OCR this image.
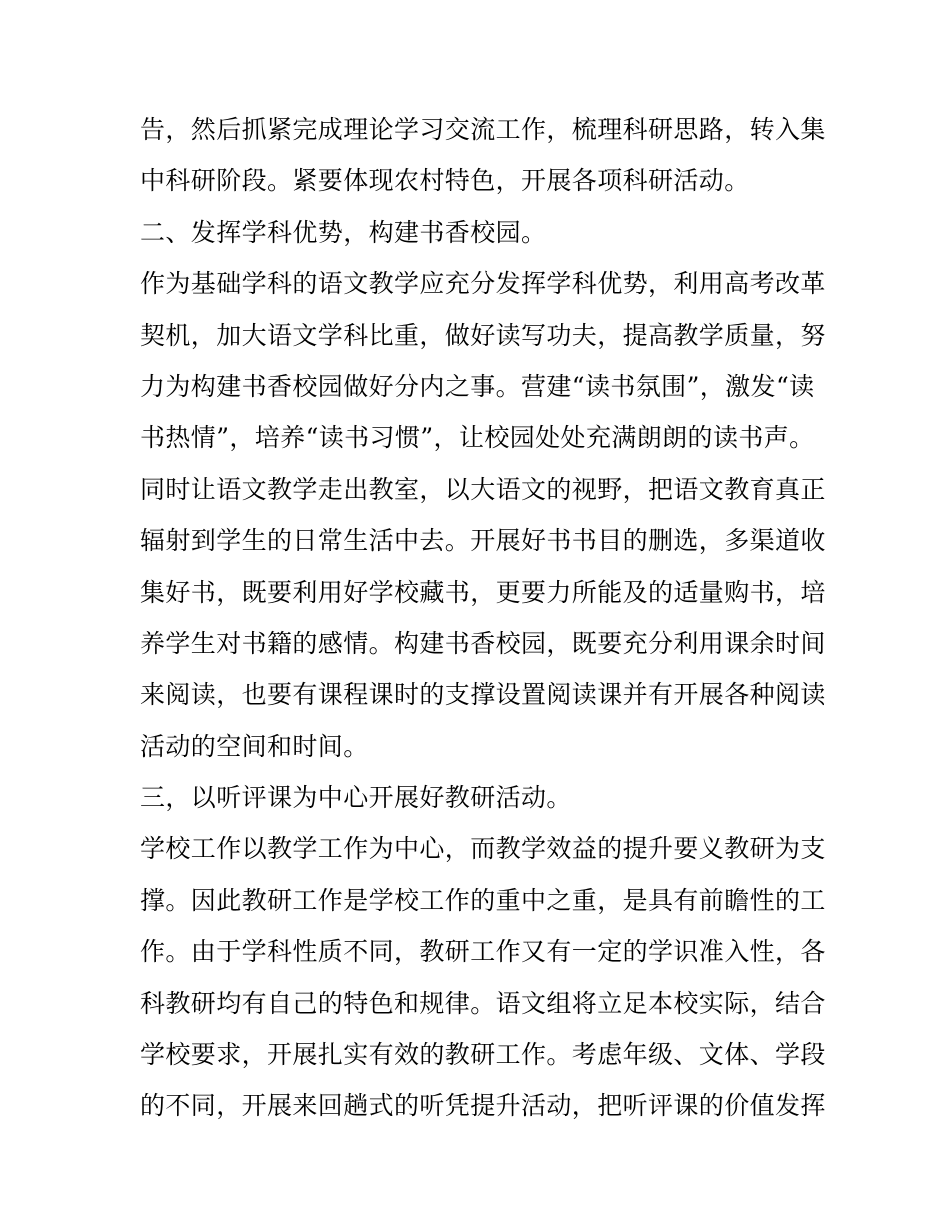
告，然后抓紧完成理论学习交流工作，梳理科研思路，转入集
中科研阶段。紧要体现农村特色，开展各项科研活动。
二、发挥学科优势，构建书香校园。
作为基础学科的语文教学应充分发挥学科优势，利用高考改革
契机，加大语文学科比重，做好读写功夫，提高教学质量，努
力为构建书香校园做好分内之事。营建“读书氛围”，激发“读
书热情”，培养“读书习惯”，让校园处处充满朗朗的读书声。
同时让语文教学走出教室，以大语文的视野，把语文教育真正
辐射到学生的日常生活中去。开展好书书目的删选，多渠道收
集好书，既要利用好学校藏书，更要力所能及的适量购书，培
养学生对书籍的感情。构建书香校园，既要充分利用课余时间
来阅读，也要有课程课时的支撑设置阅读课并有开展各种阅读
活动的空间和时间。
三，以听评课为中心开展好教研活动。
学校工作以教学工作为中心，而教学效益的提升要义教研为支
撑。因此教研工作是学校工作的重中之重，是具有前瞻性的工
作。由于学科性质不同，教研工作又有一定的学识准入性，各
科教研均有自己的特色和规律。语文组将立足本校实际，结合
学校要求，开展扎实有效的教研工作。考虑年级、文体、学段
的不同，开展来回趟式的听凭提升活动，把听评课的价值发挥
